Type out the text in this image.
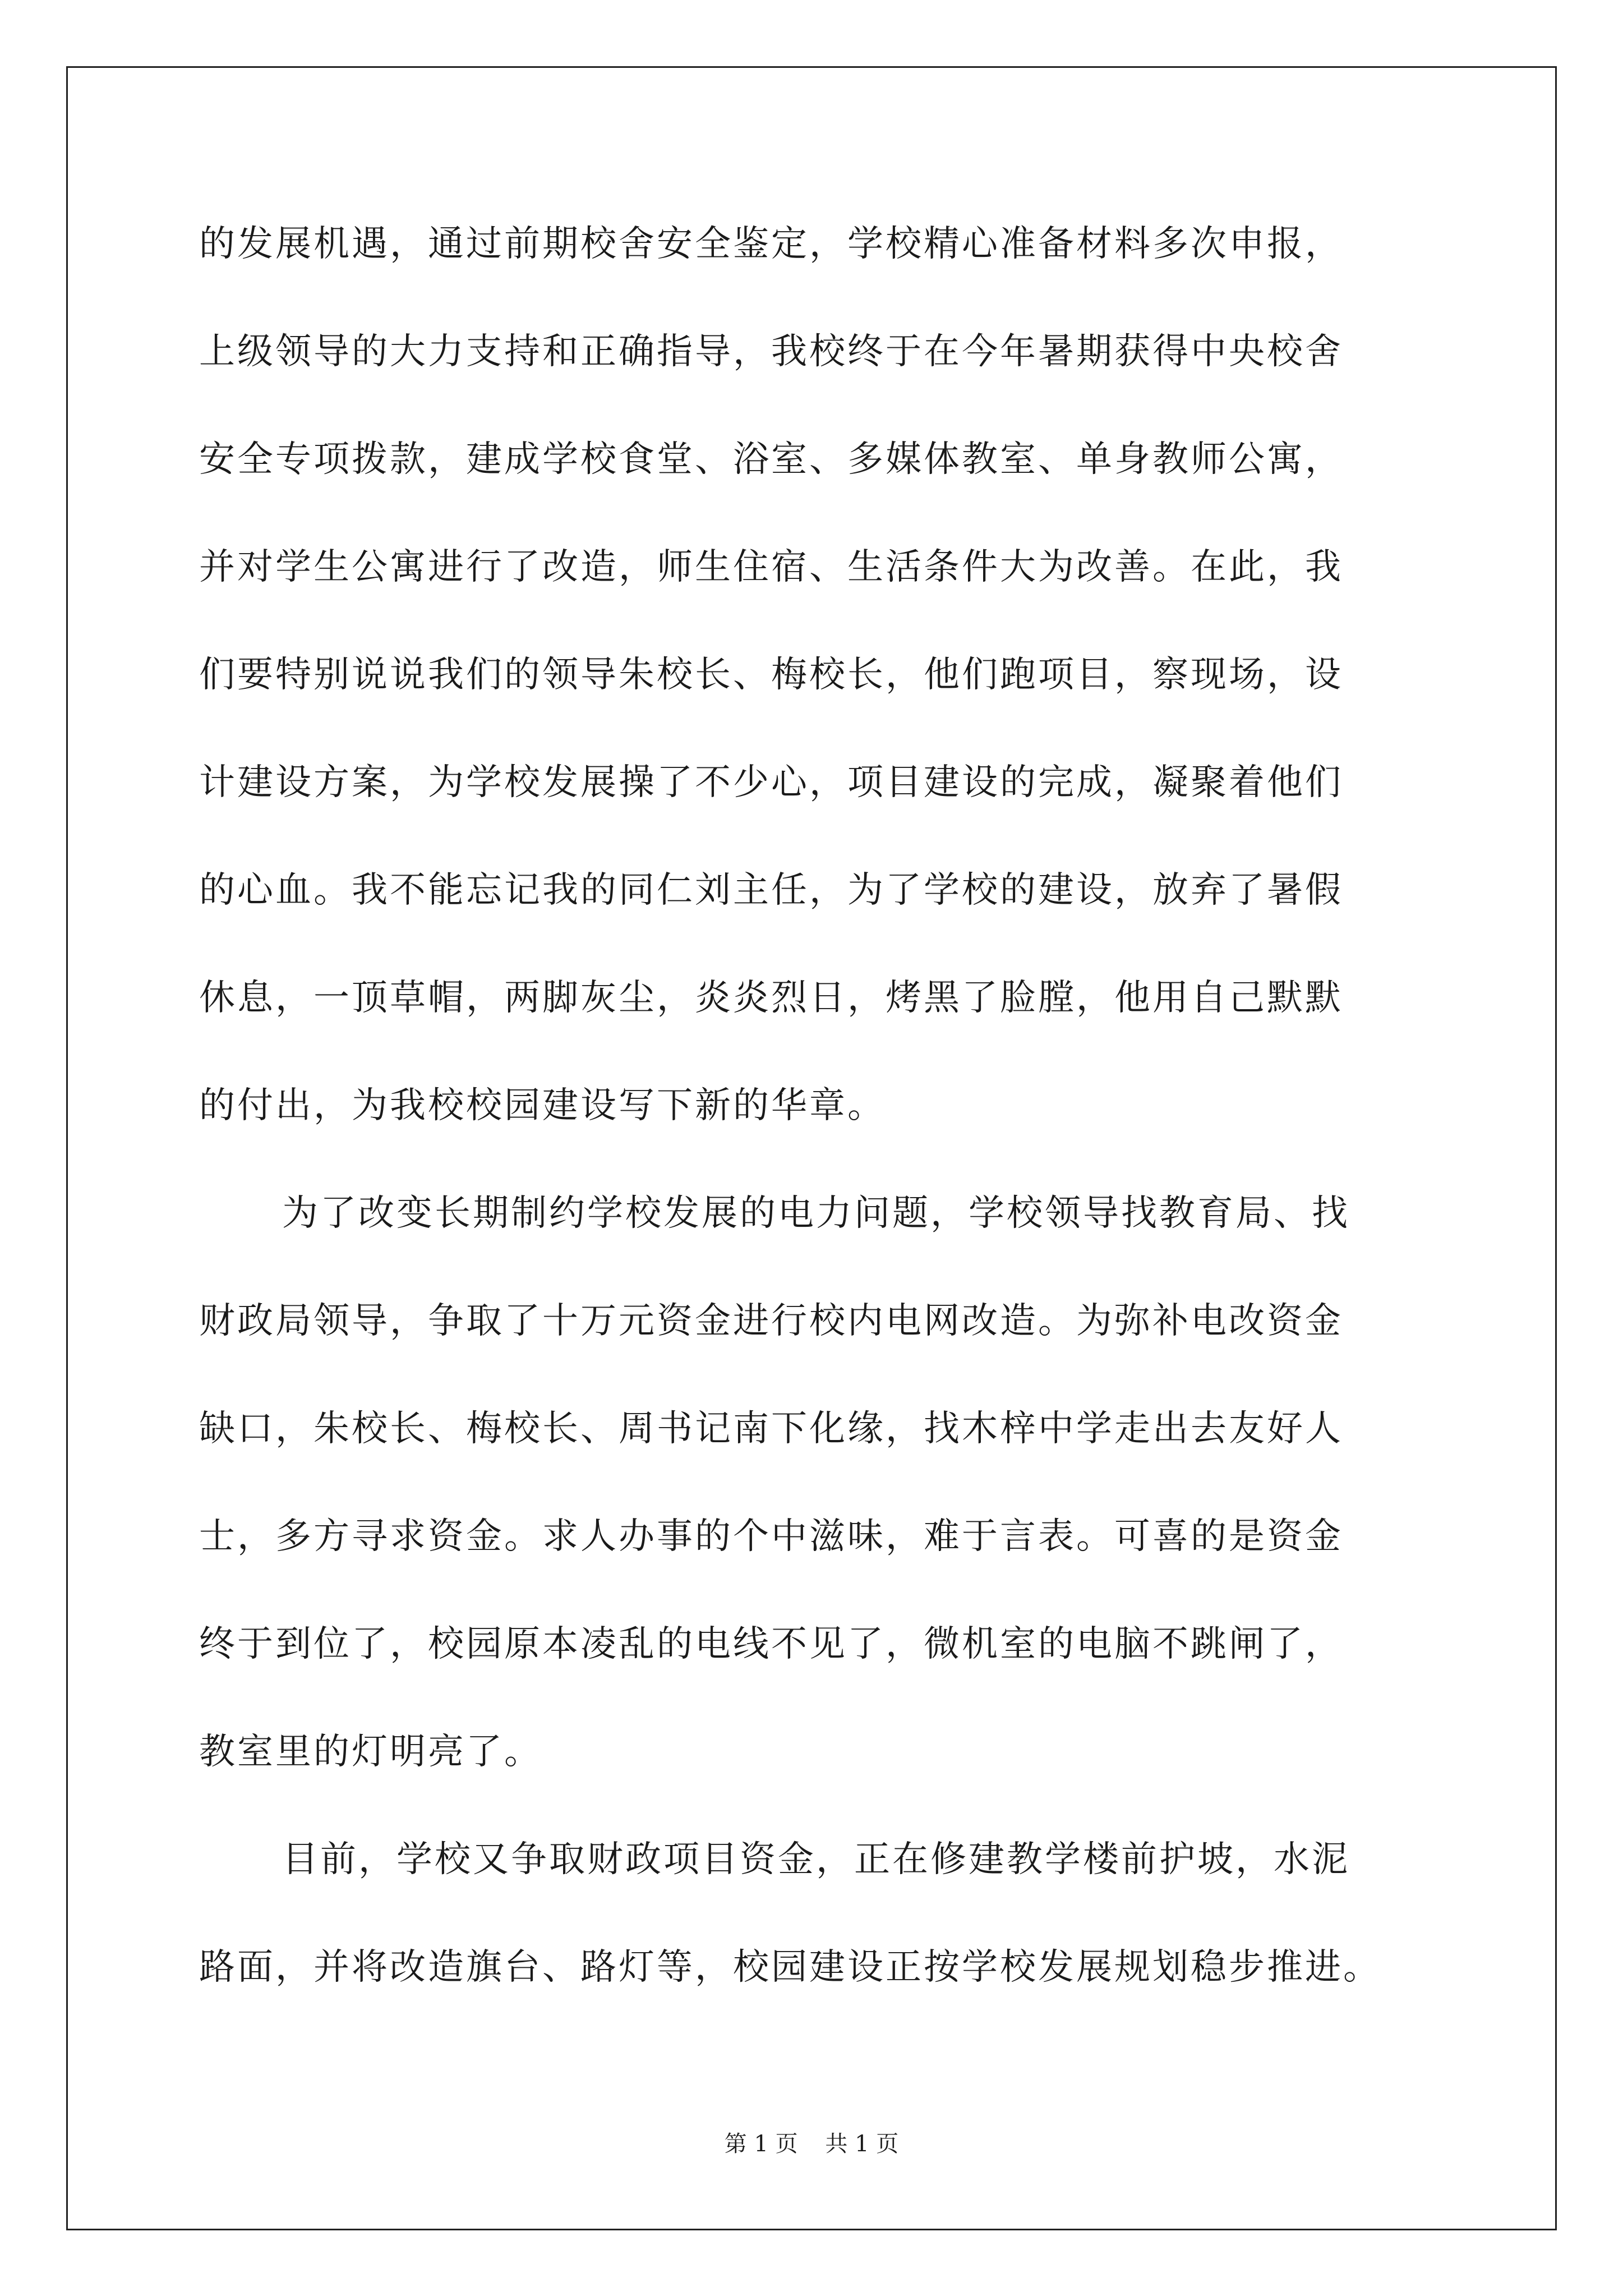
的发展机遇，通过前期校舍安全鉴定，学校精心准备材料多次申报，
上级领导的大力支持和正确指导，我校终于在今年暑期获得中央校舍
安全专项拨款，建成学校食堂、浴室、多媒体教室、单身教师公寓，
并对学生公寓进行了改造，师生住宿、生活条件大为改善。在此，我
们要特别说说我们的领导朱校长、梅校长，他们跑项目，察现场，设
计建设方案，为学校发展操了不少心，项目建设的完成，凝聚着他们
的心血。我不能忘记我的同仁刘主任，为了学校的建设，放弃了暑假
休息，一顶草帽，两脚灰尘，炎炎烈日，烤黑了脸膛，他用自己默默
的付出，为我校校园建设写下新的华章。
为了改变长期制约学校发展的电力问题，学校领导找教育局、找
财政局领导，争取了十万元资金进行校内电网改造。为弥补电改资金
缺口，朱校长、梅校长、周书记南下化缘，找木梓中学走出去友好人
士，多方寻求资金。求人办事的个中滋味，难于言表。可喜的是资金
终于到位了，校园原本凌乱的电线不见了，微机室的电脑不跳闸了，
教室里的灯明亮了。
目前，学校又争取财政项目资金，正在修建教学楼前护坡，水泥
路面，并将改造旗台、路灯等，校园建设正按学校发展规划稳步推进。
第 1 页 共 1 页
